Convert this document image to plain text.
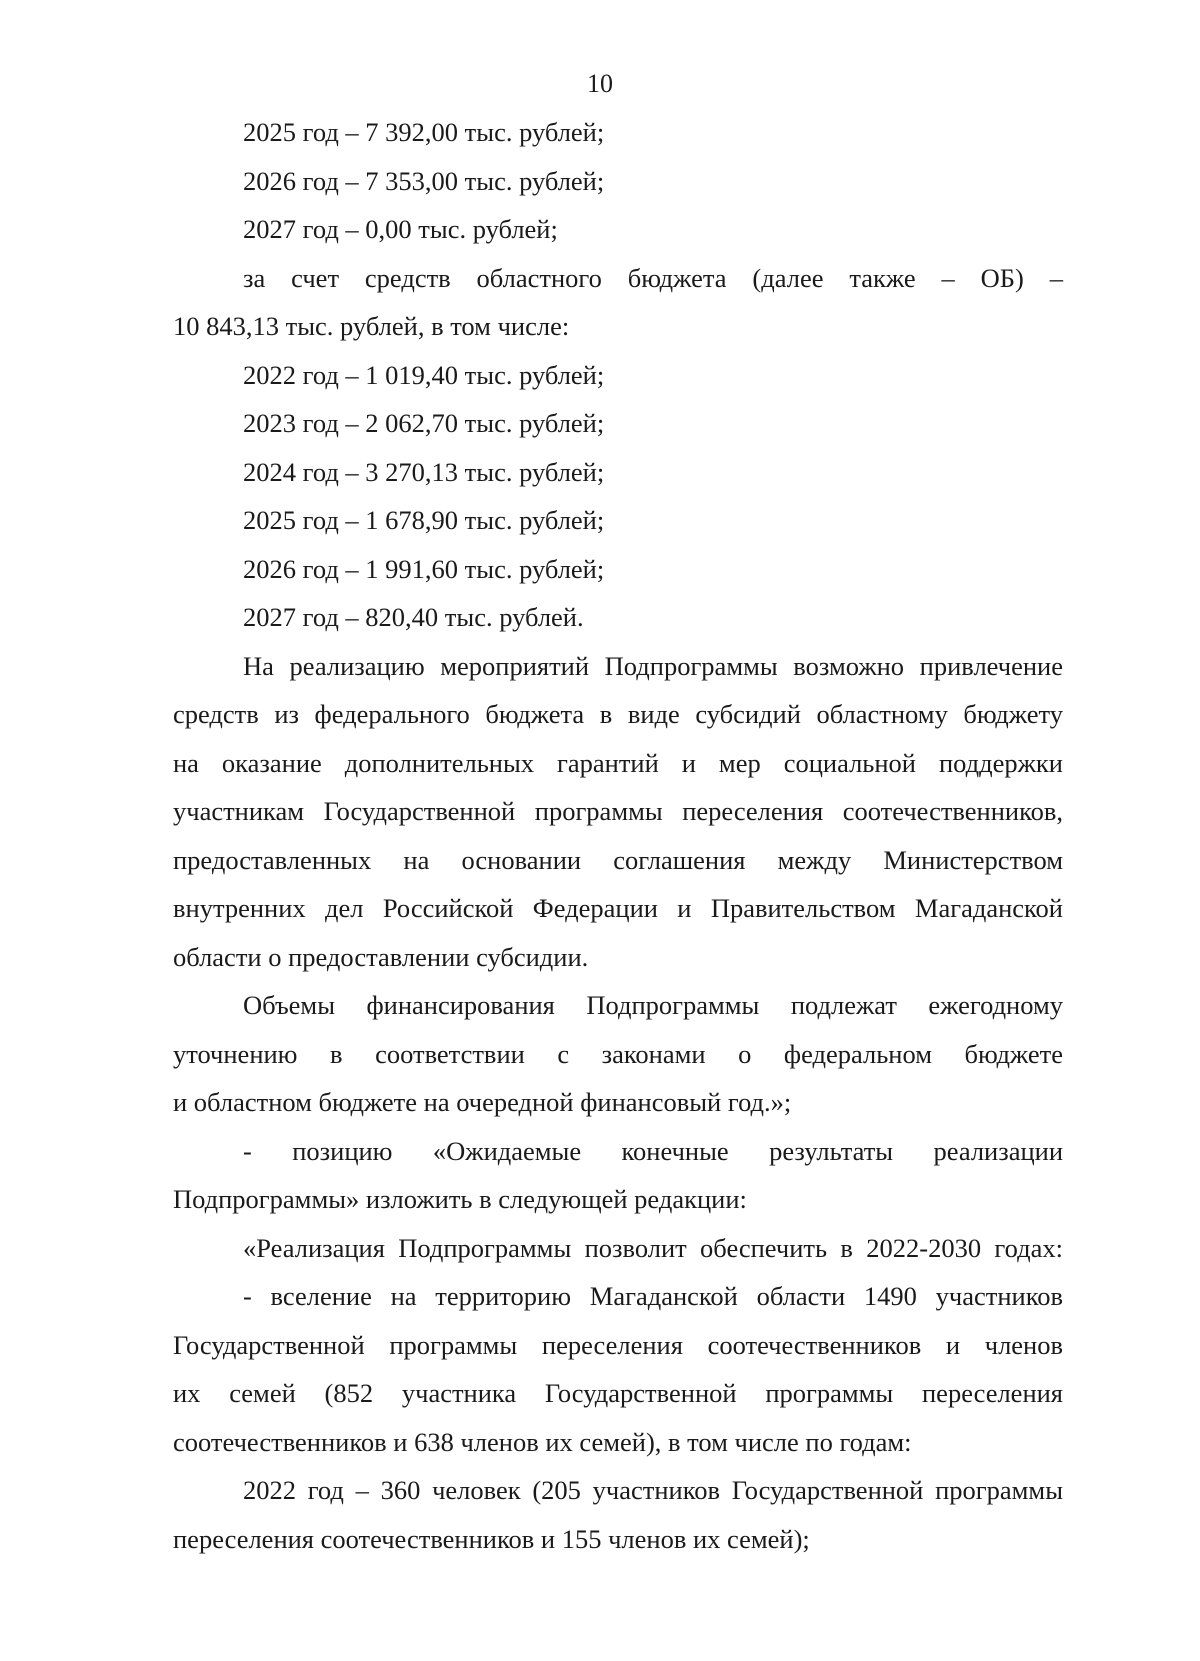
10
2025 год – 7 392,00 тыс. рублей;
2026 год – 7 353,00 тыс. рублей;
2027 год – 0,00 тыс. рублей;
за счет средств областного бюджета (далее также – ОБ) –
10 843,13 тыс. рублей, в том числе:
2022 год – 1 019,40 тыс. рублей;
2023 год – 2 062,70 тыс. рублей;
2024 год – 3 270,13 тыс. рублей;
2025 год – 1 678,90 тыс. рублей;
2026 год – 1 991,60 тыс. рублей;
2027 год – 820,40 тыс. рублей.
На реализацию мероприятий Подпрограммы возможно привлечение
средств из федерального бюджета в виде субсидий областному бюджету
на оказание дополнительных гарантий и мер социальной поддержки
участникам Государственной программы переселения соотечественников,
предоставленных на основании соглашения между Министерством
внутренних дел Российской Федерации и Правительством Магаданской
области о предоставлении субсидии.
Объемы финансирования Подпрограммы подлежат ежегодному
уточнению в соответствии с законами о федеральном бюджете
и областном бюджете на очередной финансовый год.»;
- позицию «Ожидаемые конечные результаты реализации
Подпрограммы» изложить в следующей редакции:
«Реализация Подпрограммы позволит обеспечить в 2022-2030 годах:
- вселение на территорию Магаданской области 1490 участников
Государственной программы переселения соотечественников и членов
их семей (852 участника Государственной программы переселения
соотечественников и 638 членов их семей), в том числе по годам:
2022 год – 360 человек (205 участников Государственной программы
переселения соотечественников и 155 членов их семей);
